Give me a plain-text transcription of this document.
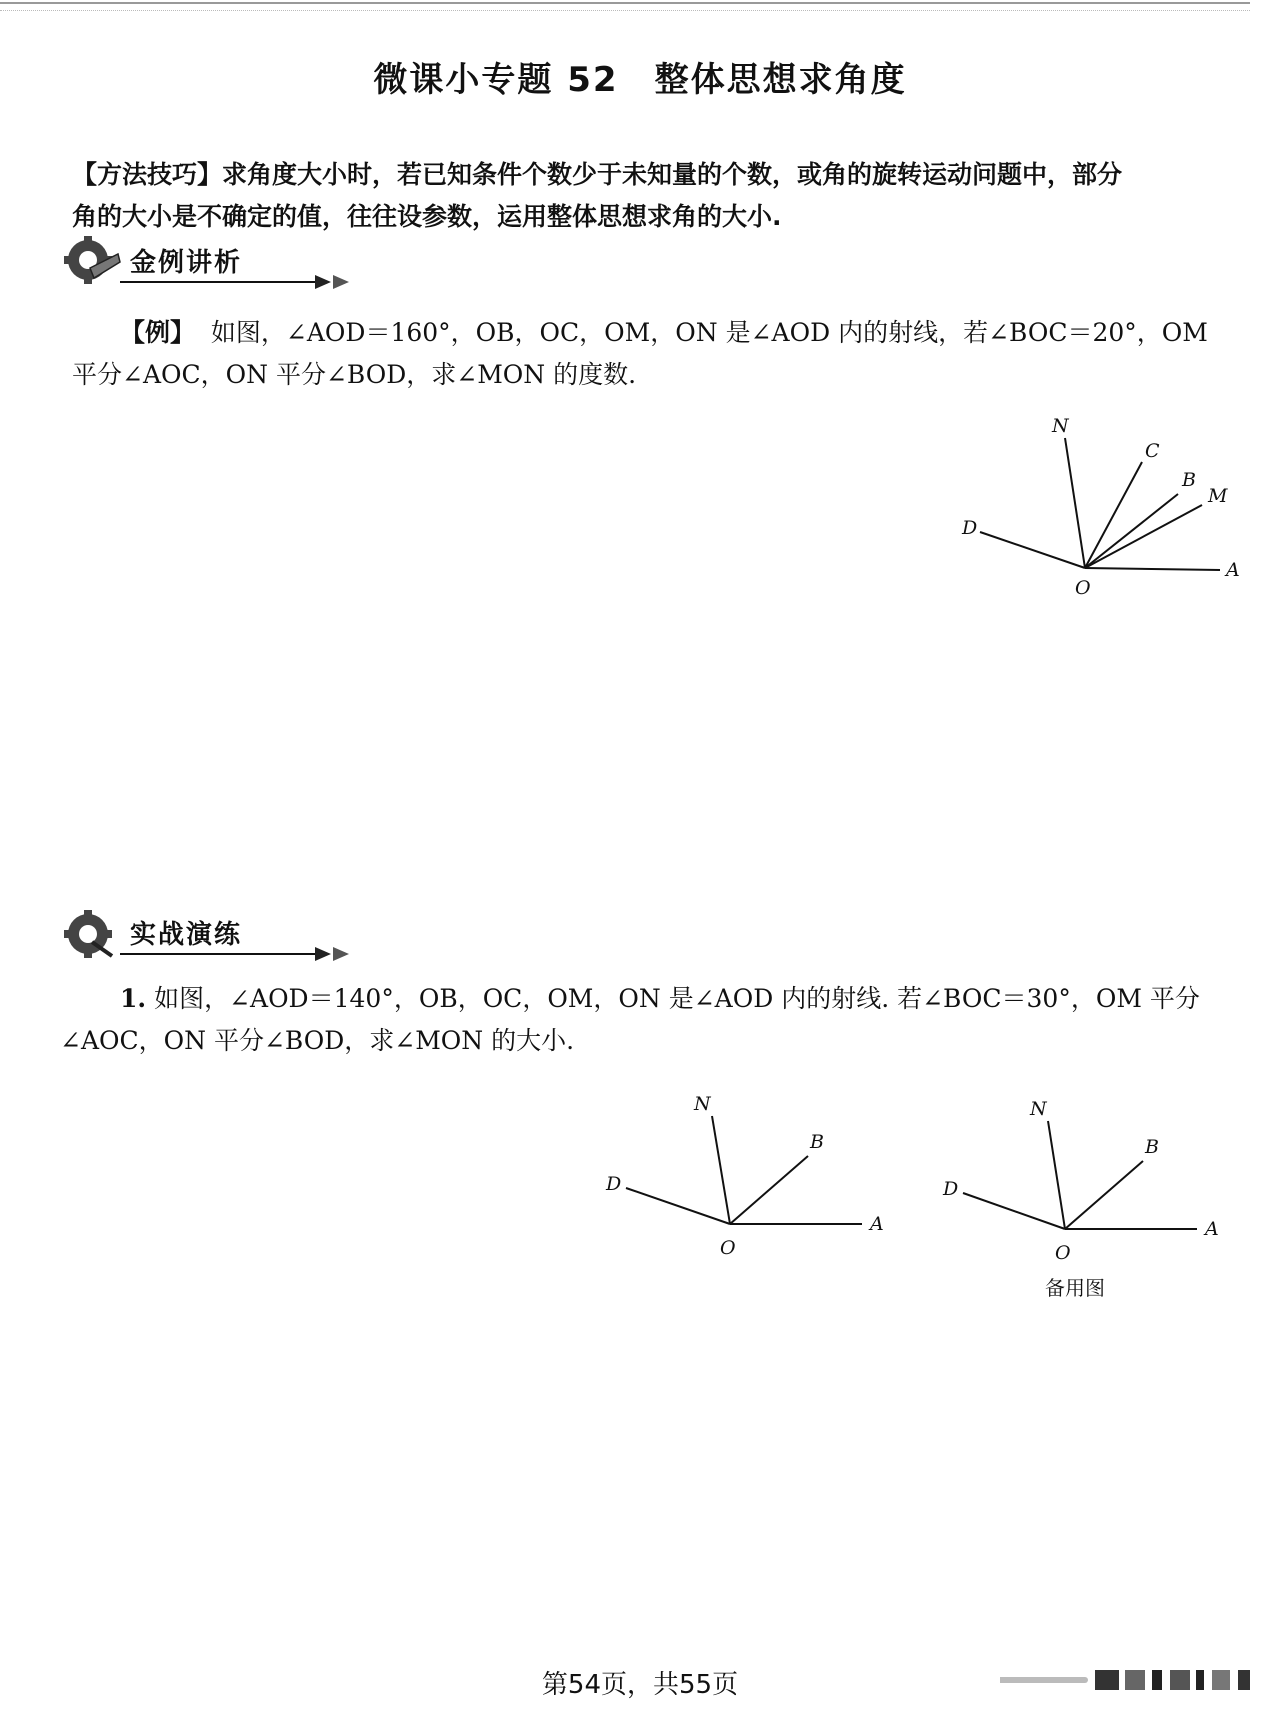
微课小专题 52　整体思想求角度
【方法技巧】求角度大小时，若已知条件个数少于未知量的个数，或角的旋转运动问题中，部分
角的大小是不确定的值，往往设参数，运用整体思想求角的大小.
金例讲析
【例】 如图，∠AOD＝160°，OB，OC，OM，ON 是∠AOD 内的射线，若∠BOC＝20°，OM
平分∠AOC，ON 平分∠BOD，求∠MON 的度数.
N
C
B
M
D
O
A
实战演练
1. 如图，∠AOD＝140°，OB，OC，OM，ON 是∠AOD 内的射线. 若∠BOC＝30°，OM 平分
∠AOC，ON 平分∠BOD，求∠MON 的大小.
N
B
D
O
A
N
B
D
O
A
备用图
第54页，共55页
